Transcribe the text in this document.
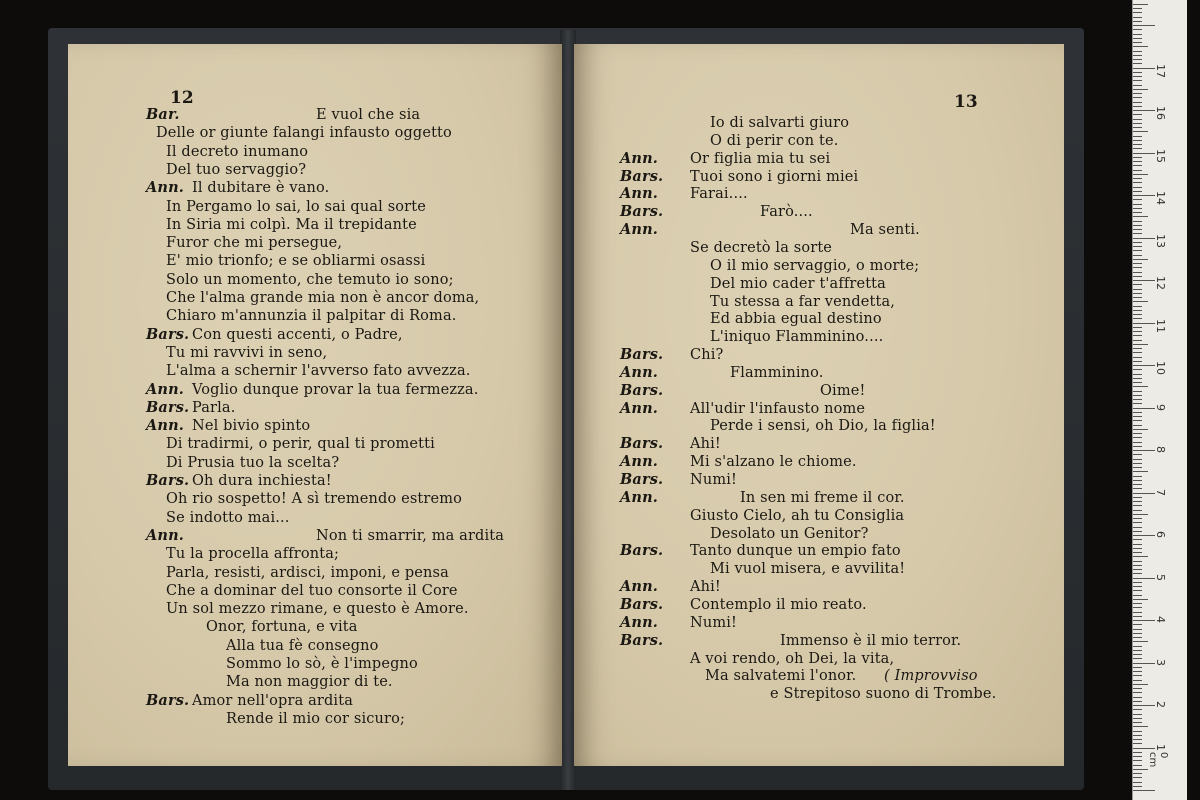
12
Bar.	E vuol che sia
Delle or giunte falangi infausto oggetto
Il decreto inumano
Del tuo servaggio?
Ann. Il dubitare è vano.
In Pergamo lo sai, lo sai qual sorte
In Siria mi colpì. Ma il trepidante
Furor che mi persegue,
E' mio trionfo; e se obliarmi osassi
Solo un momento, che temuto io sono;
Che l'alma grande mia non è ancor doma,
Chiaro m'annunzia il palpitar di Roma.
Bars. Con questi accenti, o Padre,
Tu mi ravvivi in seno,
L'alma a schernir l'avverso fato avvezza.
Ann. Voglio dunque provar la tua fermezza.
Bars. Parla.
Ann. Nel bivio spinto
Di tradirmi, o perir, qual ti prometti
Di Prusia tuo la scelta?
Bars. Oh dura inchiesta!
Oh rio sospetto! A sì tremendo estremo
Se indotto mai...
Ann.	Non ti smarrir, ma ardita
Tu la procella affronta;
Parla, resisti, ardisci, imponi, e pensa
Che a dominar del tuo consorte il Core
Un sol mezzo rimane, e questo è Amore.
Onor, fortuna, e vita
Alla tua fè consegno
Sommo lo sò, è l'impegno
Ma non maggior di te.
Bars. Amor nell'opra ardita
Rende il mio cor sicuro;
13
Io di salvarti giuro
O di perir con te.
Ann. Or figlia mia tu sei
Bars. Tuoi sono i giorni miei
Ann. Farai....
Bars.	Farò....
Ann.	Ma senti.
Se decretò la sorte
O il mio servaggio, o morte;
Del mio cader t'affretta
Tu stessa a far vendetta,
Ed abbia egual destino
L'iniquo Flamminino....
Bars. Chi?
Ann.	Flamminino.
Bars.	Oime!
Ann. All'udir l'infausto nome
Perde i sensi, oh Dio, la figlia!
Bars. Ahi!
Ann. Mi s'alzano le chiome.
Bars. Numi!
Ann.	In sen mi freme il cor.
Giusto Cielo, ah tu Consiglia
Desolato un Genitor?
Bars. Tanto dunque un empio fato
Mi vuol misera, e avvilita!
Ann. Ahi!
Bars. Contemplo il mio reato.
Ann. Numi!
Bars.	Immenso è il mio terror.
A voi rendo, oh Dei, la vita,
Ma salvatemi l'onor.
e Strepitoso suono di Trombe.
( Improvviso
1
2
3
4
5
6
7
8
9
10
11
12
13
14
15
16
17
0 cm
